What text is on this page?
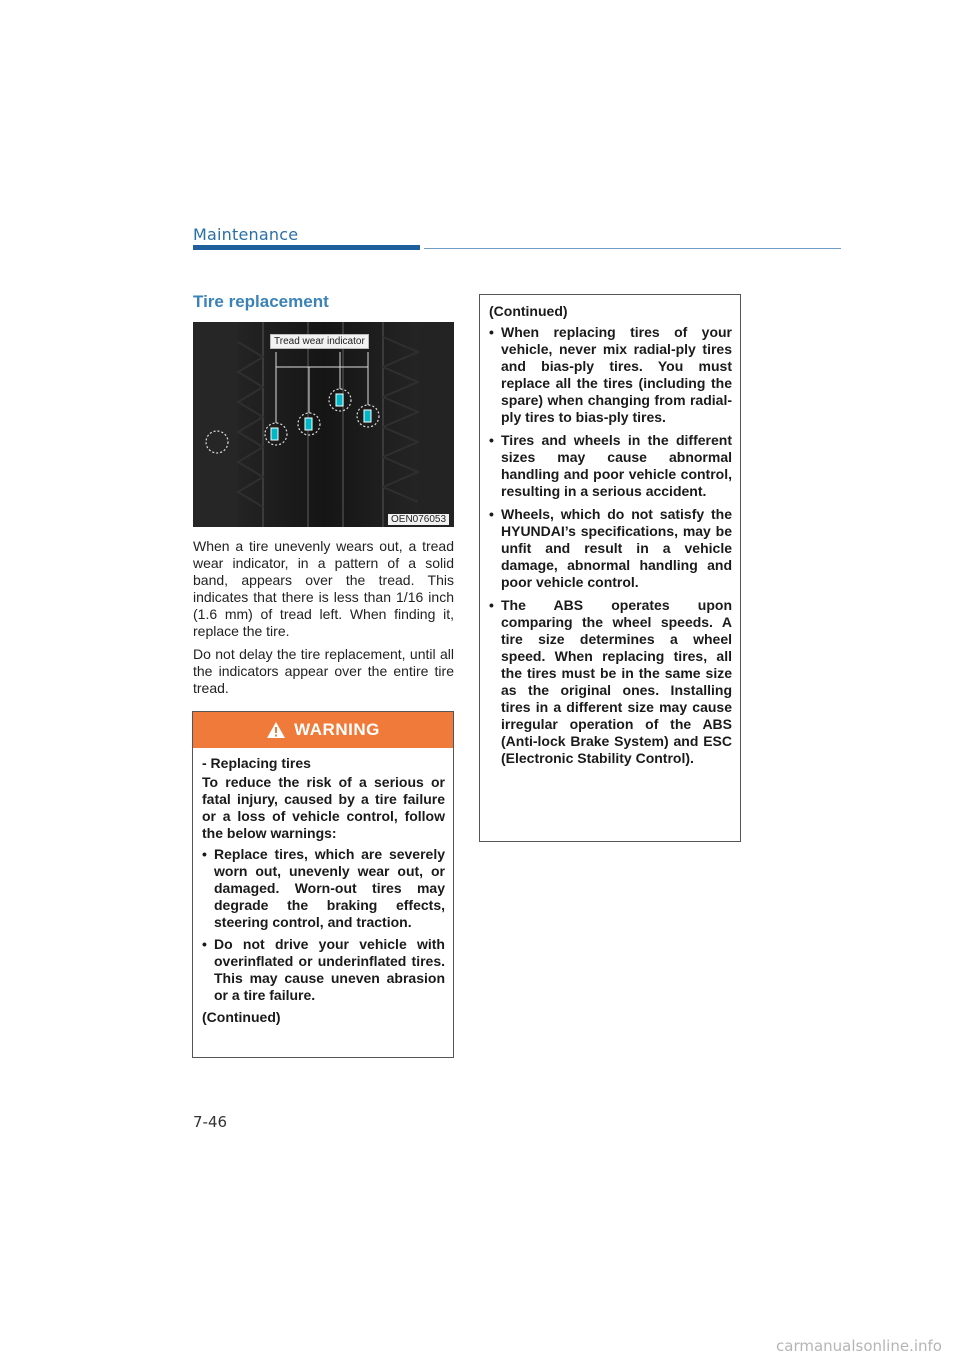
Maintenance
Tire replacement
Tread wear indicator
OEN076053

When a tire unevenly wears out, a tread wear indicator, in a pattern of a solid band, appears over the tread. This indicates that there is less than 1/16 inch (1.6 mm) of tread left. When finding it, replace the tire.

Do not delay the tire replacement, until all the indicators appear over the entire tire tread.

WARNING

- Replacing tires

To reduce the risk of a serious or fatal injury, caused by a tire failure or a loss of vehicle control, follow the below warnings:

• Replace tires, which are severely worn out, unevenly wear out, or damaged. Worn-out tires may degrade the braking effects, steering control, and traction.
• Do not drive your vehicle with overinflated or underinflated tires. This may cause uneven abrasion or a tire failure.

(Continued)

(Continued)

• When replacing tires of your vehicle, never mix radial-ply tires and bias-ply tires. You must replace all the tires (including the spare) when changing from radial-ply tires to bias-ply tires.
• Tires and wheels in the different sizes may cause abnormal handling and poor vehicle control, resulting in a serious accident.
• Wheels, which do not satisfy the HYUNDAI’s specifications, may be unfit and result in a vehicle damage, abnormal handling and poor vehicle control.
• The ABS operates upon comparing the wheel speeds. A tire size determines a wheel speed. When replacing tires, all the tires must be in the same size as the original ones. Installing tires in a different size may cause irregular operation of the ABS (Anti-lock Brake System) and ESC (Electronic Stability Control).
7-46
carmanualsonline.info
